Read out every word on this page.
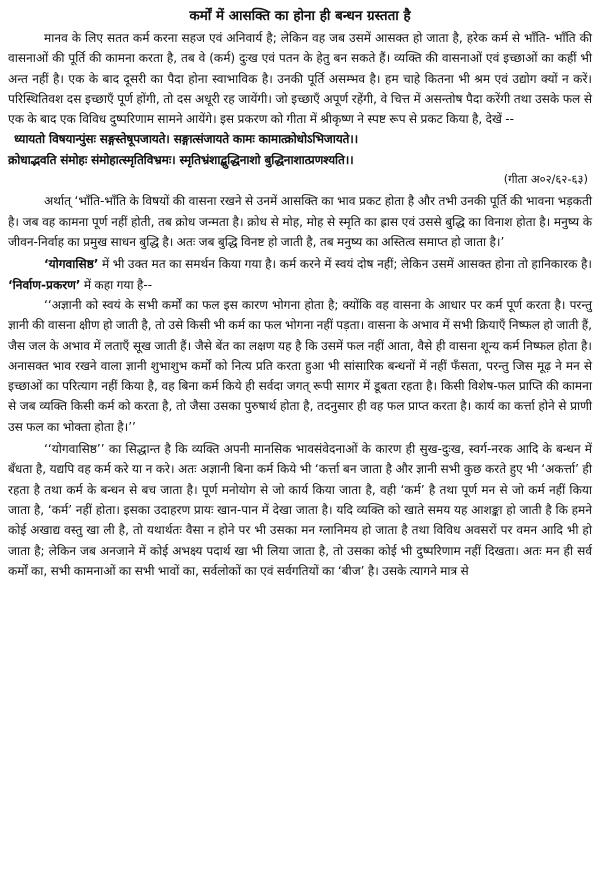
कर्मों में आसक्ति का होना ही बन्धन ग्रस्तता है

मानव के लिए सतत कर्म करना सहज एवं अनिवार्य है; लेकिन वह जब उसमें आसक्त हो जाता है, हरेक कर्म से भाँति- भाँति की वासनाओं की पूर्ति की कामना करता है, तब वे (कर्म) दुःख एवं पतन के हेतु बन सकते हैं। व्यक्ति की वासनाओं एवं इच्छाओं का कहीं भी अन्त नहीं है। एक के बाद दूसरी का पैदा होना स्वाभाविक है। उनकी पूर्ति असम्भव है। हम चाहे कितना भी श्रम एवं उद्योग क्यों न करें। परिस्थितिवश दस इच्छाएँ पूर्ण होंगी, तो दस अधूरी रह जायेंगी। जो इच्छाएँ अपूर्ण रहेंगी, वे चित्त में असन्तोष पैदा करेंगी तथा उसके फल से एक के बाद एक विविध दुष्परिणाम सामने आयेंगे। इस प्रकरण को गीता में श्रीकृष्ण ने स्पष्ट रूप से प्रकट किया है, देखें --

ध्यायतो विषयान्पुंसः सङ्गस्तेषूपजायते। सङ्गात्संजायते कामः कामात्क्रोधोऽभिजायते।।

क्रोधाद्भवति संमोहः संमोहात्स्मृतिविभ्रमः। स्मृतिभ्रंशाद्बुद्धिनाशो बुद्धिनाशात्प्रणश्यति।।

(गीता अ०२/६२-६३)

अर्थात् ‘भाँति-भाँति के विषयों की वासना रखने से उनमें आसक्ति का भाव प्रकट होता है और तभी उनकी पूर्ति की भावना भड़कती है। जब वह कामना पूर्ण नहीं होती, तब क्रोध जन्मता है। क्रोध से मोह, मोह से स्मृति का ह्रास एवं उससे बुद्धि का विनाश होता है। मनुष्य के जीवन-निर्वाह का प्रमुख साधन बुद्धि है। अतः जब बुद्धि विनष्ट हो जाती है, तब मनुष्य का अस्तित्व समाप्त हो जाता है।’

‘योगवासिष्ठ’ में भी उक्त मत का समर्थन किया गया है। कर्म करने में स्वयं दोष नहीं; लेकिन उसमें आसक्त होना तो हानिकारक है। ‘निर्वाण-प्रकरण’ में कहा गया है--

‘‘अज्ञानी को स्वयं के सभी कर्मों का फल इस कारण भोगना होता है; क्योंकि वह वासना के आधार पर कर्म पूर्ण करता है। परन्तु ज्ञानी की वासना क्षीण हो जाती है, तो उसे किसी भी कर्म का फल भोगना नहीं पड़ता। वासना के अभाव में सभी क्रियाएँ निष्फल हो जाती हैं, जैस जल के अभाव में लताएँ सूख जाती हैं। जैसे बेंत का लक्षण यह है कि उसमें फल नहीं आता, वैसे ही वासना शून्य कर्म निष्फल होता है। अनासक्त भाव रखने वाला ज्ञानी शुभाशुभ कर्मों को नित्य प्रति करता हुआ भी सांसारिक बन्धनों में नहीं फँसता, परन्तु जिस मूढ़ ने मन से इच्छाओं का परित्याग नहीं किया है, वह बिना कर्म किये ही सर्वदा जगत् रूपी सागर में डूबता रहता है। किसी विशेष-फल प्राप्ति की कामना से जब व्यक्ति किसी कर्म को करता है, तो जैसा उसका पुरुषार्थ होता है, तदनुसार ही वह फल प्राप्त करता है। कार्य का कर्त्ता होने से प्राणी उस फल का भोक्ता होता है।’’

‘‘योगवासिष्ठ’’ का सिद्धान्त है कि व्यक्ति अपनी मानसिक भावसंवेदनाओं के कारण ही सुख-दुःख, स्वर्ग-नरक आदि के बन्धन में बँधता है, यद्यपि वह कर्म करे या न करे। अतः अज्ञानी बिना कर्म किये भी ‘कर्त्ता बन जाता है और ज्ञानी सभी कुछ करते हुए भी ‘अकर्त्ता’ ही रहता है तथा कर्म के बन्धन से बच जाता है। पूर्ण मनोयोग से जो कार्य किया जाता है, वही ‘कर्म’ है तथा पूर्ण मन से जो कर्म नहीं किया जाता है, ‘कर्म’ नहीं होता। इसका उदाहरण प्रायः खान-पान में देखा जाता है। यदि व्यक्ति को खाते समय यह आशङ्का हो जाती है कि हमने कोई अखाद्य वस्तु खा ली है, तो यथार्थतः वैसा न होने पर भी उसका मन ग्लानिमय हो जाता है तथा विविध अवसरों पर वमन आदि भी हो जाता है; लेकिन जब अनजाने में कोई अभक्ष्य पदार्थ खा भी लिया जाता है, तो उसका कोई भी दुष्परिणाम नहीं दिखता। अतः मन ही सर्व कर्मों का, सभी कामनाओं का सभी भावों का, सर्वलोकों का एवं सर्वगतियों का ‘बीज’ है। उसके त्यागने मात्र से
